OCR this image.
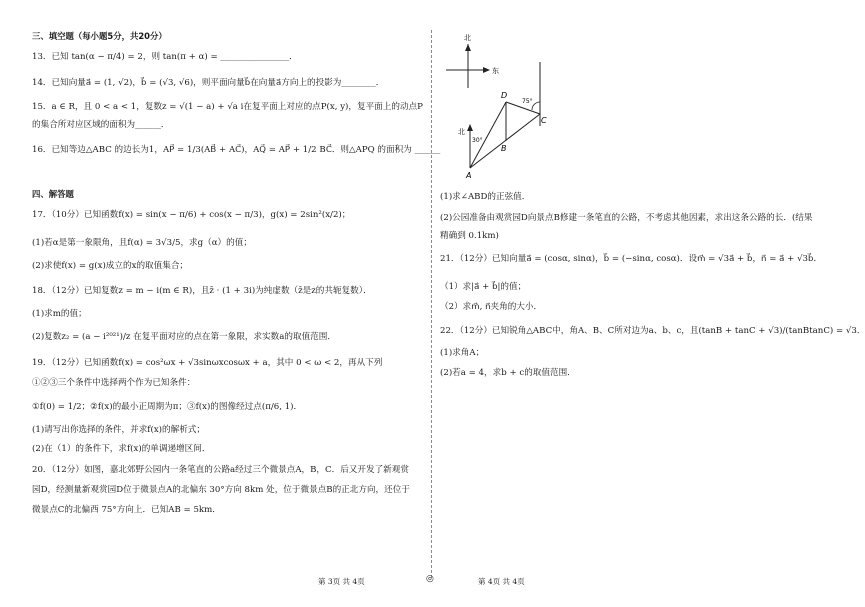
三、填空题（每小题5分，共20分）
13．已知 tan(α − π/4) = 2，则 tan(π + α) = ________________．
14．已知向量a⃗ = (1, √2)，b⃗ = (√3, √6)，则平面向量b⃗在向量a⃗方向上的投影为________．
15．a ∈ R，且 0 < a < 1，复数z = √(1 − a) + √a i在复平面上对应的点P(x, y)，复平面上的动点P
的集合所对应区域的面积为______．
16．已知等边△ABC 的边长为1，AP⃗ = 1/3(AB⃗ + AC⃗)，AQ⃗ = AP⃗ + 1/2 BC⃗．则△APQ 的面积为 ______
四、解答题
17．（10分）已知函数f(x) = sin(x − π/6) + cos(x − π/3)，g(x) = 2sin²(x/2)；
(1)若α是第一象限角，且f(α) = 3√3/5，求g（α）的值；
(2)求使f(x) = g(x)成立的x的取值集合；
18．（12分）已知复数z = m − i(m ∈ R)，且z̄ · (1 + 3i)为纯虚数（z̄是z的共轭复数）．
(1)求m的值；
(2)复数z₂ = (a − i²⁰²¹)/z 在复平面对应的点在第一象限，求实数a的取值范围．
19．（12分）已知函数f(x) = cos²ωx + √3sinωxcosωx + a，其中 0 < ω < 2，再从下列
①②③三个条件中选择两个作为已知条件：
①f(0) = 1/2；②f(x)的最小正周期为π；③f(x)的图像经过点(π/6, 1)．
(1)请写出你选择的条件，并求f(x)的解析式；
(2)在（1）的条件下，求f(x)的单调递增区间．
20．（12分）如图，嘉北郊野公园内一条笔直的公路a经过三个微景点A，B，C．后又开发了新观赏
园D，经测量新观赏园D位于微景点A的北偏东 30°方向 8km 处，位于微景点B的正北方向，还位于
微景点C的北偏西 75°方向上．已知AB = 5km．
北
东
北
30°
75°
A
B
C
D
(1)求∠ABD的正弦值．
(2)公园准备由观赏园D向景点B修建一条笔直的公路，不考虑其他因素，求出这条公路的长．(结果
精确到 0.1km)
21．（12分）已知向量a⃗ = (cosα, sinα)，b⃗ = (−sinα, cosα)．设m⃗ = √3a⃗ + b⃗，n⃗ = a⃗ + √3b⃗．
（1）求|a⃗ + b⃗|的值；
（2）求m⃗, n⃗夹角的大小．
22．（12分）已知锐角△ABC中，角A、B、C所对边为a、b、c，且(tanB + tanC + √3)/(tanBtanC) = √3．
(1)求角A；
(2)若a = 4，求b + c的取值范围．
第 3页 共 4页	◎	第 4页 共 4页
